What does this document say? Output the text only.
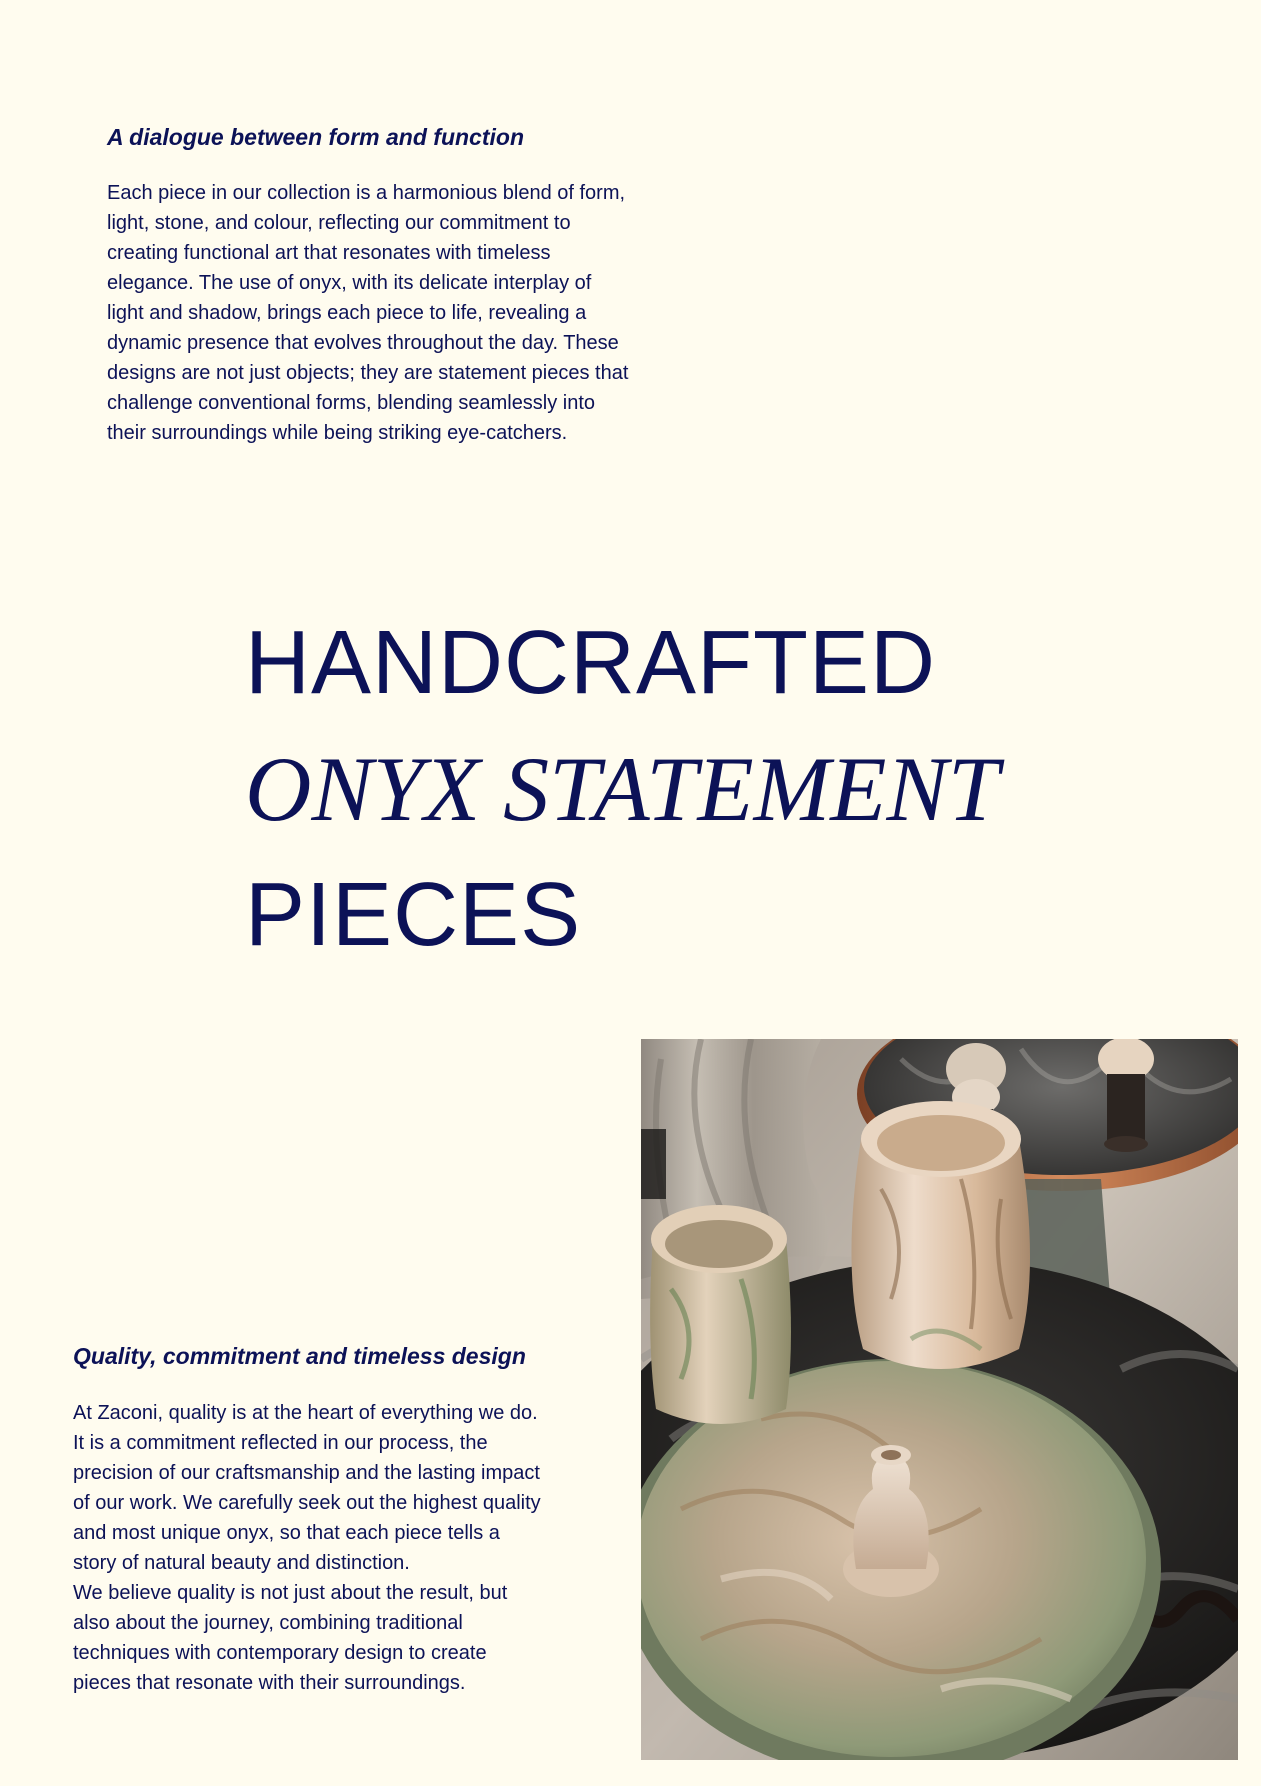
A dialogue between form and function

Each piece in our collection is a harmonious blend of form,
light, stone, and colour, reflecting our commitment to
creating functional art that resonates with timeless
elegance. The use of onyx, with its delicate interplay of
light and shadow, brings each piece to life, revealing a
dynamic presence that evolves throughout the day. These
designs are not just objects; they are statement pieces that
challenge conventional forms, blending seamlessly into
their surroundings while being striking eye-catchers.

HANDCRAFTED
ONYX STATEMENT
PIECES
Quality, commitment and timeless design

At Zaconi, quality is at the heart of everything we do.
It is a commitment reflected in our process, the
precision of our craftsmanship and the lasting impact
of our work. We carefully seek out the highest quality
and most unique onyx, so that each piece tells a
story of natural beauty and distinction.
We believe quality is not just about the result, but
also about the journey, combining traditional
techniques with contemporary design to create
pieces that resonate with their surroundings.
